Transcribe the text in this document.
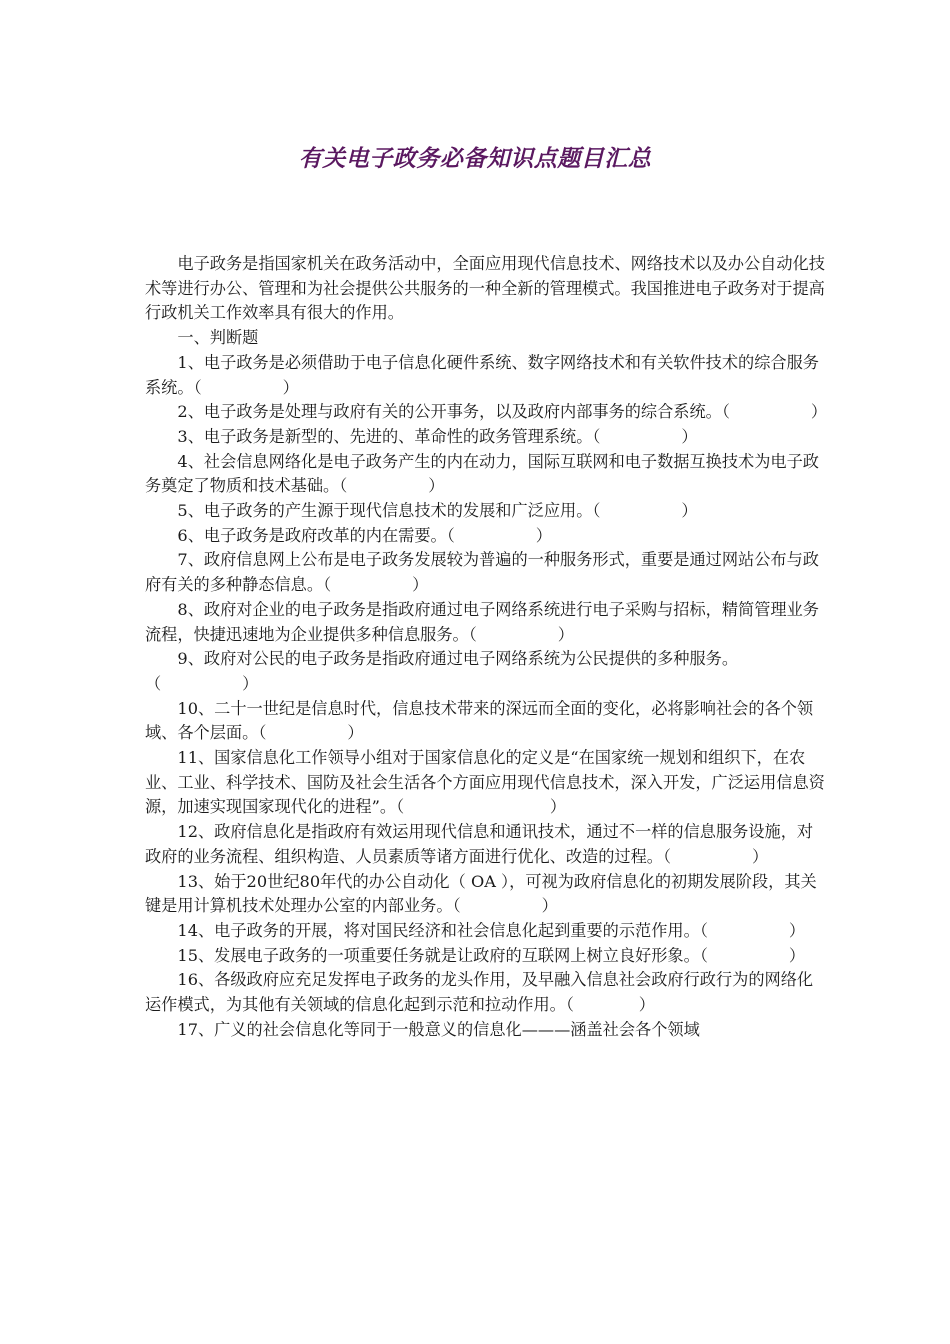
有关电子政务必备知识点题目汇总

电子政务是指国家机关在政务活动中，全面应用现代信息技术、网络技术以及办公自动化技术等进行办公、管理和为社会提供公共服务的一种全新的管理模式。我国推进电子政务对于提高行政机关工作效率具有很大的作用。

一、判断题

1、电子政务是必须借助于电子信息化硬件系统、数字网络技术和有关软件技术的综合服务系统。（　　　　　）

2、电子政务是处理与政府有关的公开事务，以及政府内部事务的综合系统。（　　　　　）

3、电子政务是新型的、先进的、革命性的政务管理系统。（　　　　　）

4、社会信息网络化是电子政务产生的内在动力，国际互联网和电子数据互换技术为电子政务奠定了物质和技术基础。（　　　　　）

5、电子政务的产生源于现代信息技术的发展和广泛应用。（　　　　　）

6、电子政务是政府改革的内在需要。（　　　　　）

7、政府信息网上公布是电子政务发展较为普遍的一种服务形式，重要是通过网站公布与政府有关的多种静态信息。（　　　　　）

8、政府对企业的电子政务是指政府通过电子网络系统进行电子采购与招标，精简管理业务流程，快捷迅速地为企业提供多种信息服务。（　　　　　）

9、政府对公民的电子政务是指政府通过电子网络系统为公民提供的多种服务。（　　　　　）

10、二十一世纪是信息时代，信息技术带来的深远而全面的变化，必将影响社会的各个领域、各个层面。（　　　　　）

11、国家信息化工作领导小组对于国家信息化的定义是“在国家统一规划和组织下，在农业、工业、科学技术、国防及社会生活各个方面应用现代信息技术，深入开发，广泛运用信息资源，加速实现国家现代化的进程”。（　　　　　　　　　）

12、政府信息化是指政府有效运用现代信息和通讯技术，通过不一样的信息服务设施，对政府的业务流程、组织构造、人员素质等诸方面进行优化、改造的过程。（　　　　　）

13、始于20世纪80年代的办公自动化（ OA ），可视为政府信息化的初期发展阶段，其关键是用计算机技术处理办公室的内部业务。（　　　　　）

14、电子政务的开展，将对国民经济和社会信息化起到重要的示范作用。（　　　　　）

15、发展电子政务的一项重要任务就是让政府的互联网上树立良好形象。（　　　　　）

16、各级政府应充足发挥电子政务的龙头作用，及早融入信息社会政府行政行为的网络化运作模式，为其他有关领域的信息化起到示范和拉动作用。（　　　　）

17、广义的社会信息化等同于一般意义的信息化———涵盖社会各个领域
